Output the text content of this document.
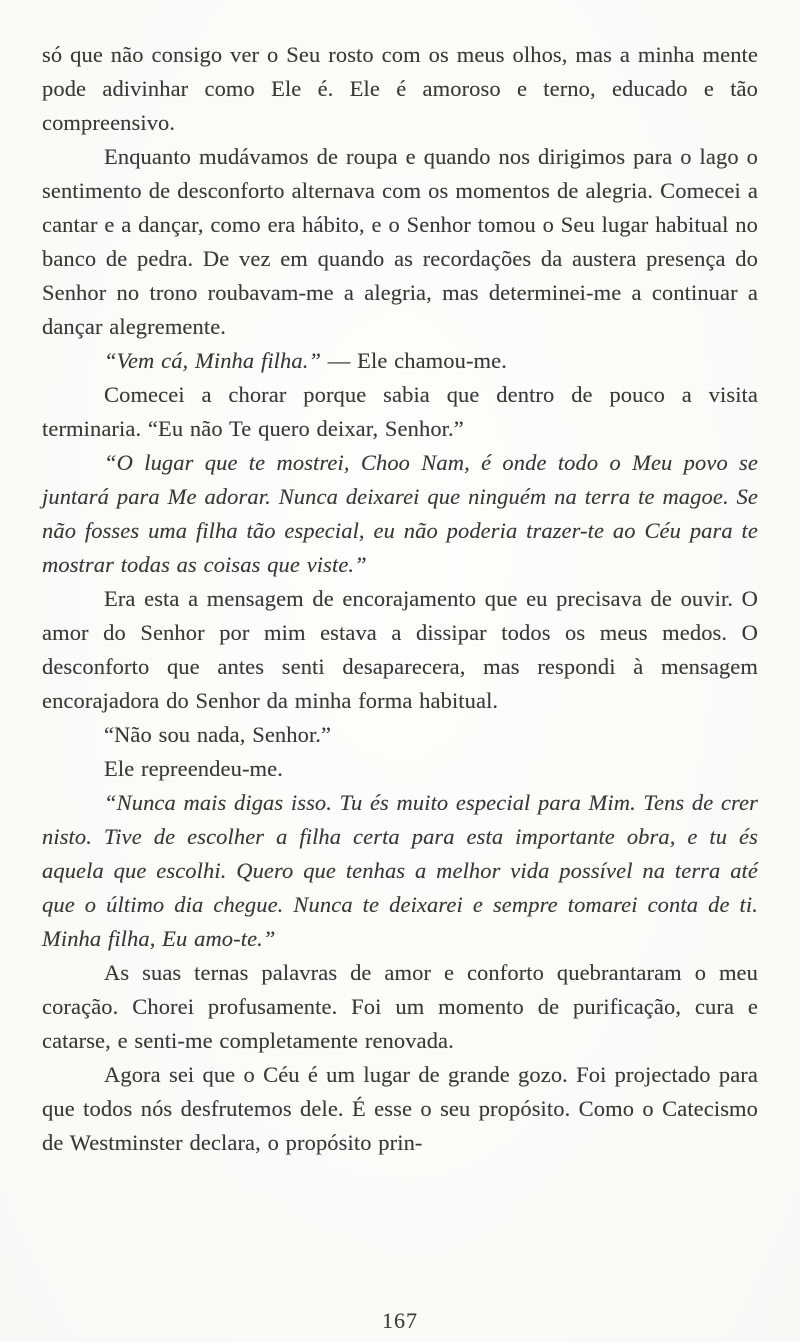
só que não consigo ver o Seu rosto com os meus olhos, mas a minha mente pode adivinhar como Ele é. Ele é amoroso e terno, educado e tão compreensivo.

Enquanto mudávamos de roupa e quando nos dirigimos para o lago o sentimento de desconforto alternava com os momentos de alegria. Comecei a cantar e a dançar, como era hábito, e o Senhor tomou o Seu lugar habitual no banco de pedra. De vez em quando as recordações da austera presença do Senhor no trono roubavam-me a alegria, mas determinei-me a continuar a dançar alegremente.

“Vem cá, Minha filha.” — Ele chamou-me.

Comecei a chorar porque sabia que dentro de pouco a visita terminaria. “Eu não Te quero deixar, Senhor.”

“O lugar que te mostrei, Choo Nam, é onde todo o Meu povo se juntará para Me adorar. Nunca deixarei que ninguém na terra te magoe. Se não fosses uma filha tão especial, eu não poderia trazer-te ao Céu para te mostrar todas as coisas que viste.”

Era esta a mensagem de encorajamento que eu precisava de ouvir. O amor do Senhor por mim estava a dissipar todos os meus medos. O desconforto que antes senti desaparecera, mas respondi à mensagem encorajadora do Senhor da minha forma habitual.

“Não sou nada, Senhor.”

Ele repreendeu-me.

“Nunca mais digas isso. Tu és muito especial para Mim. Tens de crer nisto. Tive de escolher a filha certa para esta importante obra, e tu és aquela que escolhi. Quero que tenhas a melhor vida possível na terra até que o último dia chegue. Nunca te deixarei e sempre tomarei conta de ti. Minha filha, Eu amo-te.”

As suas ternas palavras de amor e conforto quebrantaram o meu coração. Chorei profusamente. Foi um momento de purificação, cura e catarse, e senti-me completamente renovada.

Agora sei que o Céu é um lugar de grande gozo. Foi projectado para que todos nós desfrutemos dele. É esse o seu propósito. Como o Catecismo de Westminster declara, o propósito prin-

167
